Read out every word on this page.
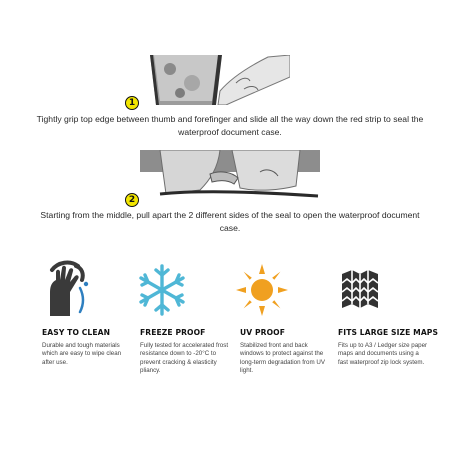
1

Tightly grip top edge between thumb and forefinger and slide all the way down the red strip to seal the waterproof document case.

2

Starting from the middle, pull apart the 2 different sides of the seal to open the waterproof document case.

EASY TO CLEAN

Durable and tough materials which are easy to wipe clean after use.

FREEZE PROOF

Fully tested for accelerated frost resistance down to -20°C to prevent cracking & elasticity pliancy.

UV PROOF

Stabilized front and back windows to protect against the long-term degradation from UV light.

FITS LARGE SIZE MAPS

Fits up to A3 / Ledger size paper maps and documents using a fast waterproof zip lock system.
